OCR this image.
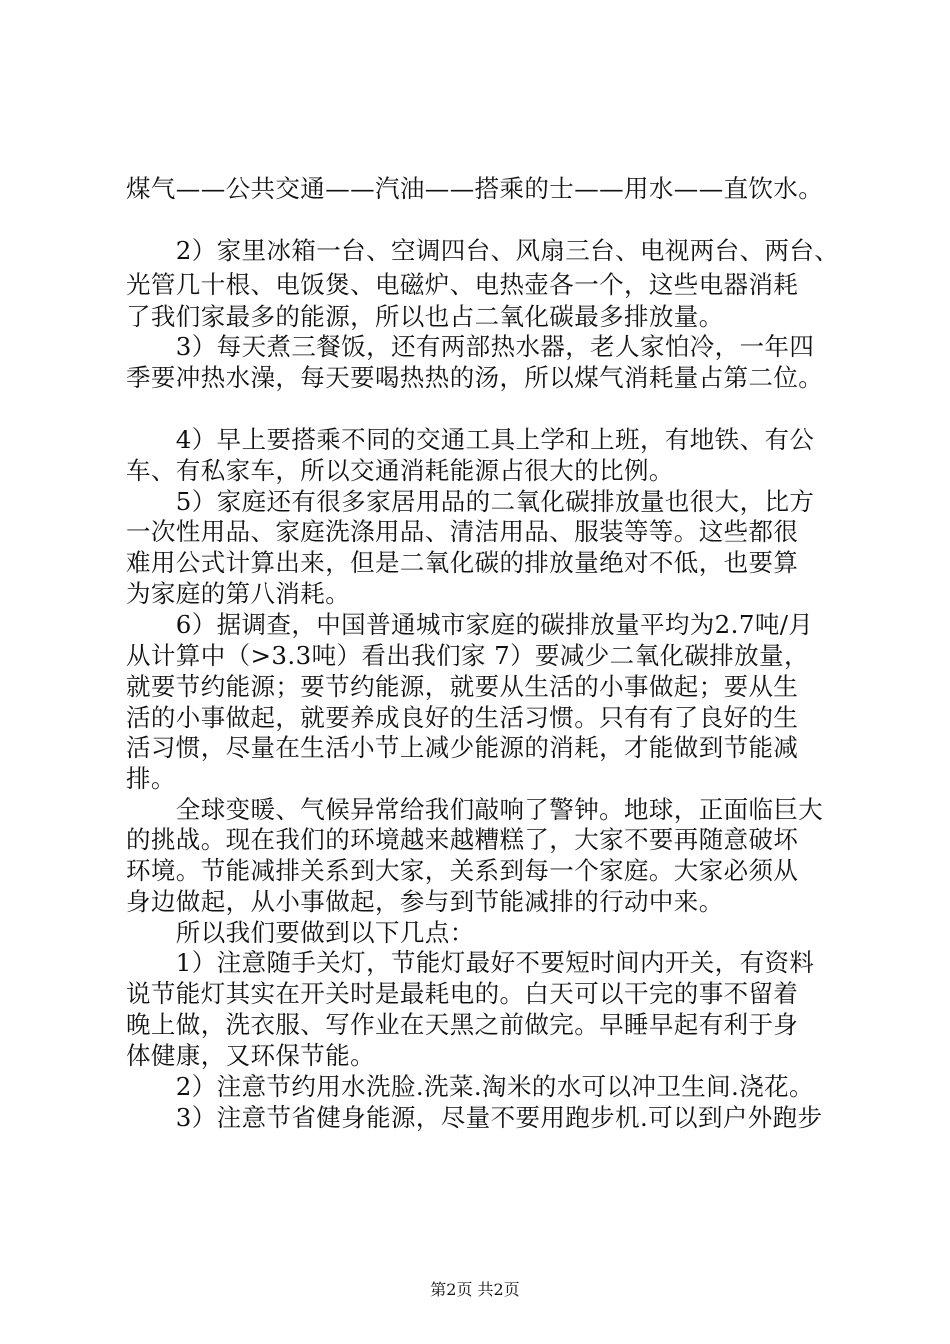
煤气——公共交通——汽油——搭乘的士——用水——直饮水。
　　2）家里冰箱一台、空调四台、风扇三台、电视两台、两台、
光管几十根、电饭煲、电磁炉、电热壶各一个，这些电器消耗
了我们家最多的能源，所以也占二氧化碳最多排放量。
　　3）每天煮三餐饭，还有两部热水器，老人家怕冷，一年四
季要冲热水澡，每天要喝热热的汤，所以煤气消耗量占第二位。
　　4）早上要搭乘不同的交通工具上学和上班，有地铁、有公
车、有私家车，所以交通消耗能源占很大的比例。
　　5）家庭还有很多家居用品的二氧化碳排放量也很大，比方
一次性用品、家庭洗涤用品、清洁用品、服装等等。这些都很
难用公式计算出来，但是二氧化碳的排放量绝对不低，也要算
为家庭的第八消耗。
　　6）据调查，中国普通城市家庭的碳排放量平均为2.7吨/月
从计算中（>3.3吨）看出我们家 7）要减少二氧化碳排放量，
就要节约能源；要节约能源，就要从生活的小事做起；要从生
活的小事做起，就要养成良好的生活习惯。只有有了良好的生
活习惯，尽量在生活小节上减少能源的消耗，才能做到节能减
排。
　　全球变暖、气候异常给我们敲响了警钟。地球，正面临巨大
的挑战。现在我们的环境越来越糟糕了，大家不要再随意破坏
环境。节能减排关系到大家，关系到每一个家庭。大家必须从
身边做起，从小事做起，参与到节能减排的行动中来。
　　所以我们要做到以下几点：
　　1）注意随手关灯，节能灯最好不要短时间内开关，有资料
说节能灯其实在开关时是最耗电的。白天可以干完的事不留着
晚上做，洗衣服、写作业在天黑之前做完。早睡早起有利于身
体健康，又环保节能。
　　2）注意节约用水洗脸.洗菜.淘米的水可以冲卫生间.浇花。
　　3）注意节省健身能源，尽量不要用跑步机.可以到户外跑步
第2页 共2页
